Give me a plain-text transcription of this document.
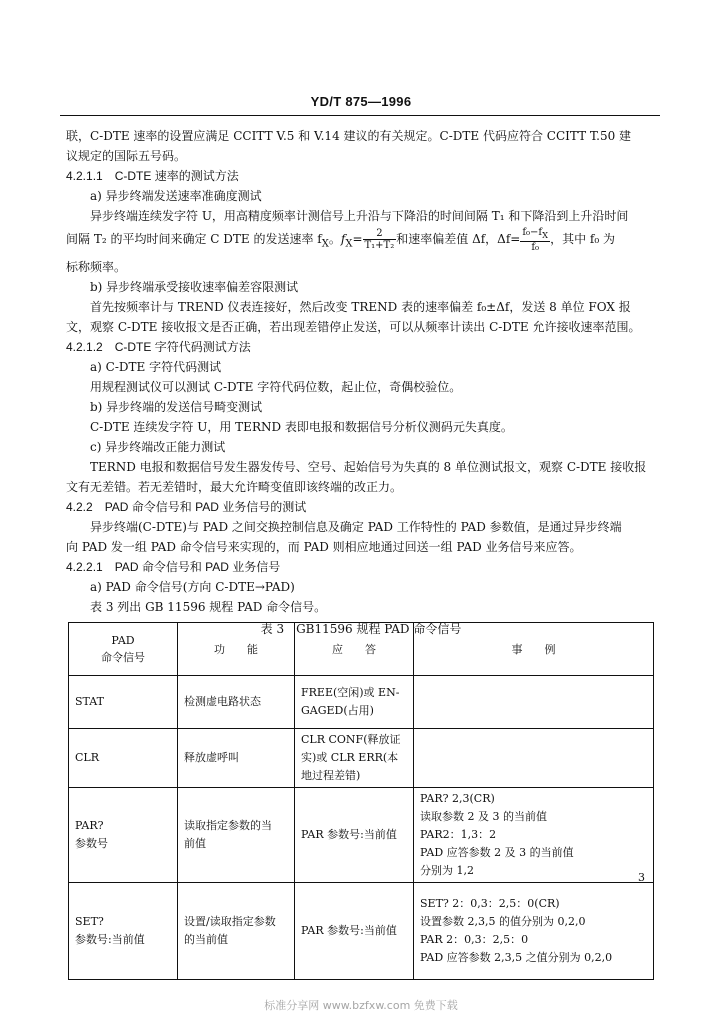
YD/T 875—1996

联，C-DTE 速率的设置应满足 CCITT V.5 和 V.14 建议的有关规定。C-DTE 代码应符合 CCITT T.50 建

议规定的国际五号码。

4.2.1.1　C-DTE 速率的测试方法

a) 异步终端发送速率准确度测试

异步终端连续发字符 U，用高精度频率计测信号上升沿与下降沿的时间间隔 T₁ 和下降沿到上升沿时间

间隔 T₂ 的平均时间来确定 C DTE 的发送速率 $f_X$。$f_X= \frac{2}{\text{T₁+T₂}}$ 和速率偏差值 Δf，$\Delta f= \frac{f_0-f_X}{\text{f₀}}$ ，其中 f₀ 为

标称频率。

b) 异步终端承受接收速率偏差容限测试

首先按频率计与 TREND 仪表连接好，然后改变 TREND 表的速率偏差 f₀±Δf，发送 8 单位 FOX 报

文，观察 C-DTE 接收报文是否正确，若出现差错停止发送，可以从频率计读出 C-DTE 允许接收速率范围。

4.2.1.2　C-DTE 字符代码测试方法

a) C-DTE 字符代码测试

用规程测试仪可以测试 C-DTE 字符代码位数，起止位，奇偶校验位。

b) 异步终端的发送信号畸变测试

C-DTE 连续发字符 U，用 TERND 表即电报和数据信号分析仪测码元失真度。

c) 异步终端改正能力测试

TERND 电报和数据信号发生器发传号、空号、起始信号为失真的 8 单位测试报文，观察 C-DTE 接收报

文有无差错。若无差错时，最大允许畸变值即该终端的改正力。

4.2.2　PAD 命令信号和 PAD 业务信号的测试

异步终端(C-DTE)与 PAD 之间交换控制信息及确定 PAD 工作特性的 PAD 参数值，是通过异步终端

向 PAD 发一组 PAD 命令信号来实现的，而 PAD 则相应地通过回送一组 PAD 业务信号来应答。

4.2.2.1　PAD 命令信号和 PAD 业务信号

a) PAD 命令信号(方向 C-DTE→PAD)

表 3 列出 GB 11596 规程 PAD 命令信号。

表 3　GB11596 规程 PAD 命令信号

PAD
命令信号	功　　能	应　　答	事　　例

STAT	检测虚电路状态	FREE(空闲)或 EN-
GAGED(占用)	

CLR	释放虚呼叫	CLR CONF(释放证
实)或 CLR ERR(本
地过程差错)	

PAR?
参数号	读取指定参数的当
前值	PAR 参数号:当前值	PAR? 2,3(CR)
读取参数 2 及 3 的当前值
PAR2：1,3：2
PAD 应答参数 2 及 3 的当前值
分别为 1,2

SET?
参数号:当前值	设置/读取指定参数
的当前值	PAR 参数号:当前值	SET? 2：0,3：2,5：0(CR)
设置参数 2,3,5 的值分别为 0,2,0
PAR 2：0,3：2,5：0
PAD 应答参数 2,3,5 之值分别为 0,2,0
3
标准分享网 www.bzfxw.com 免费下载
